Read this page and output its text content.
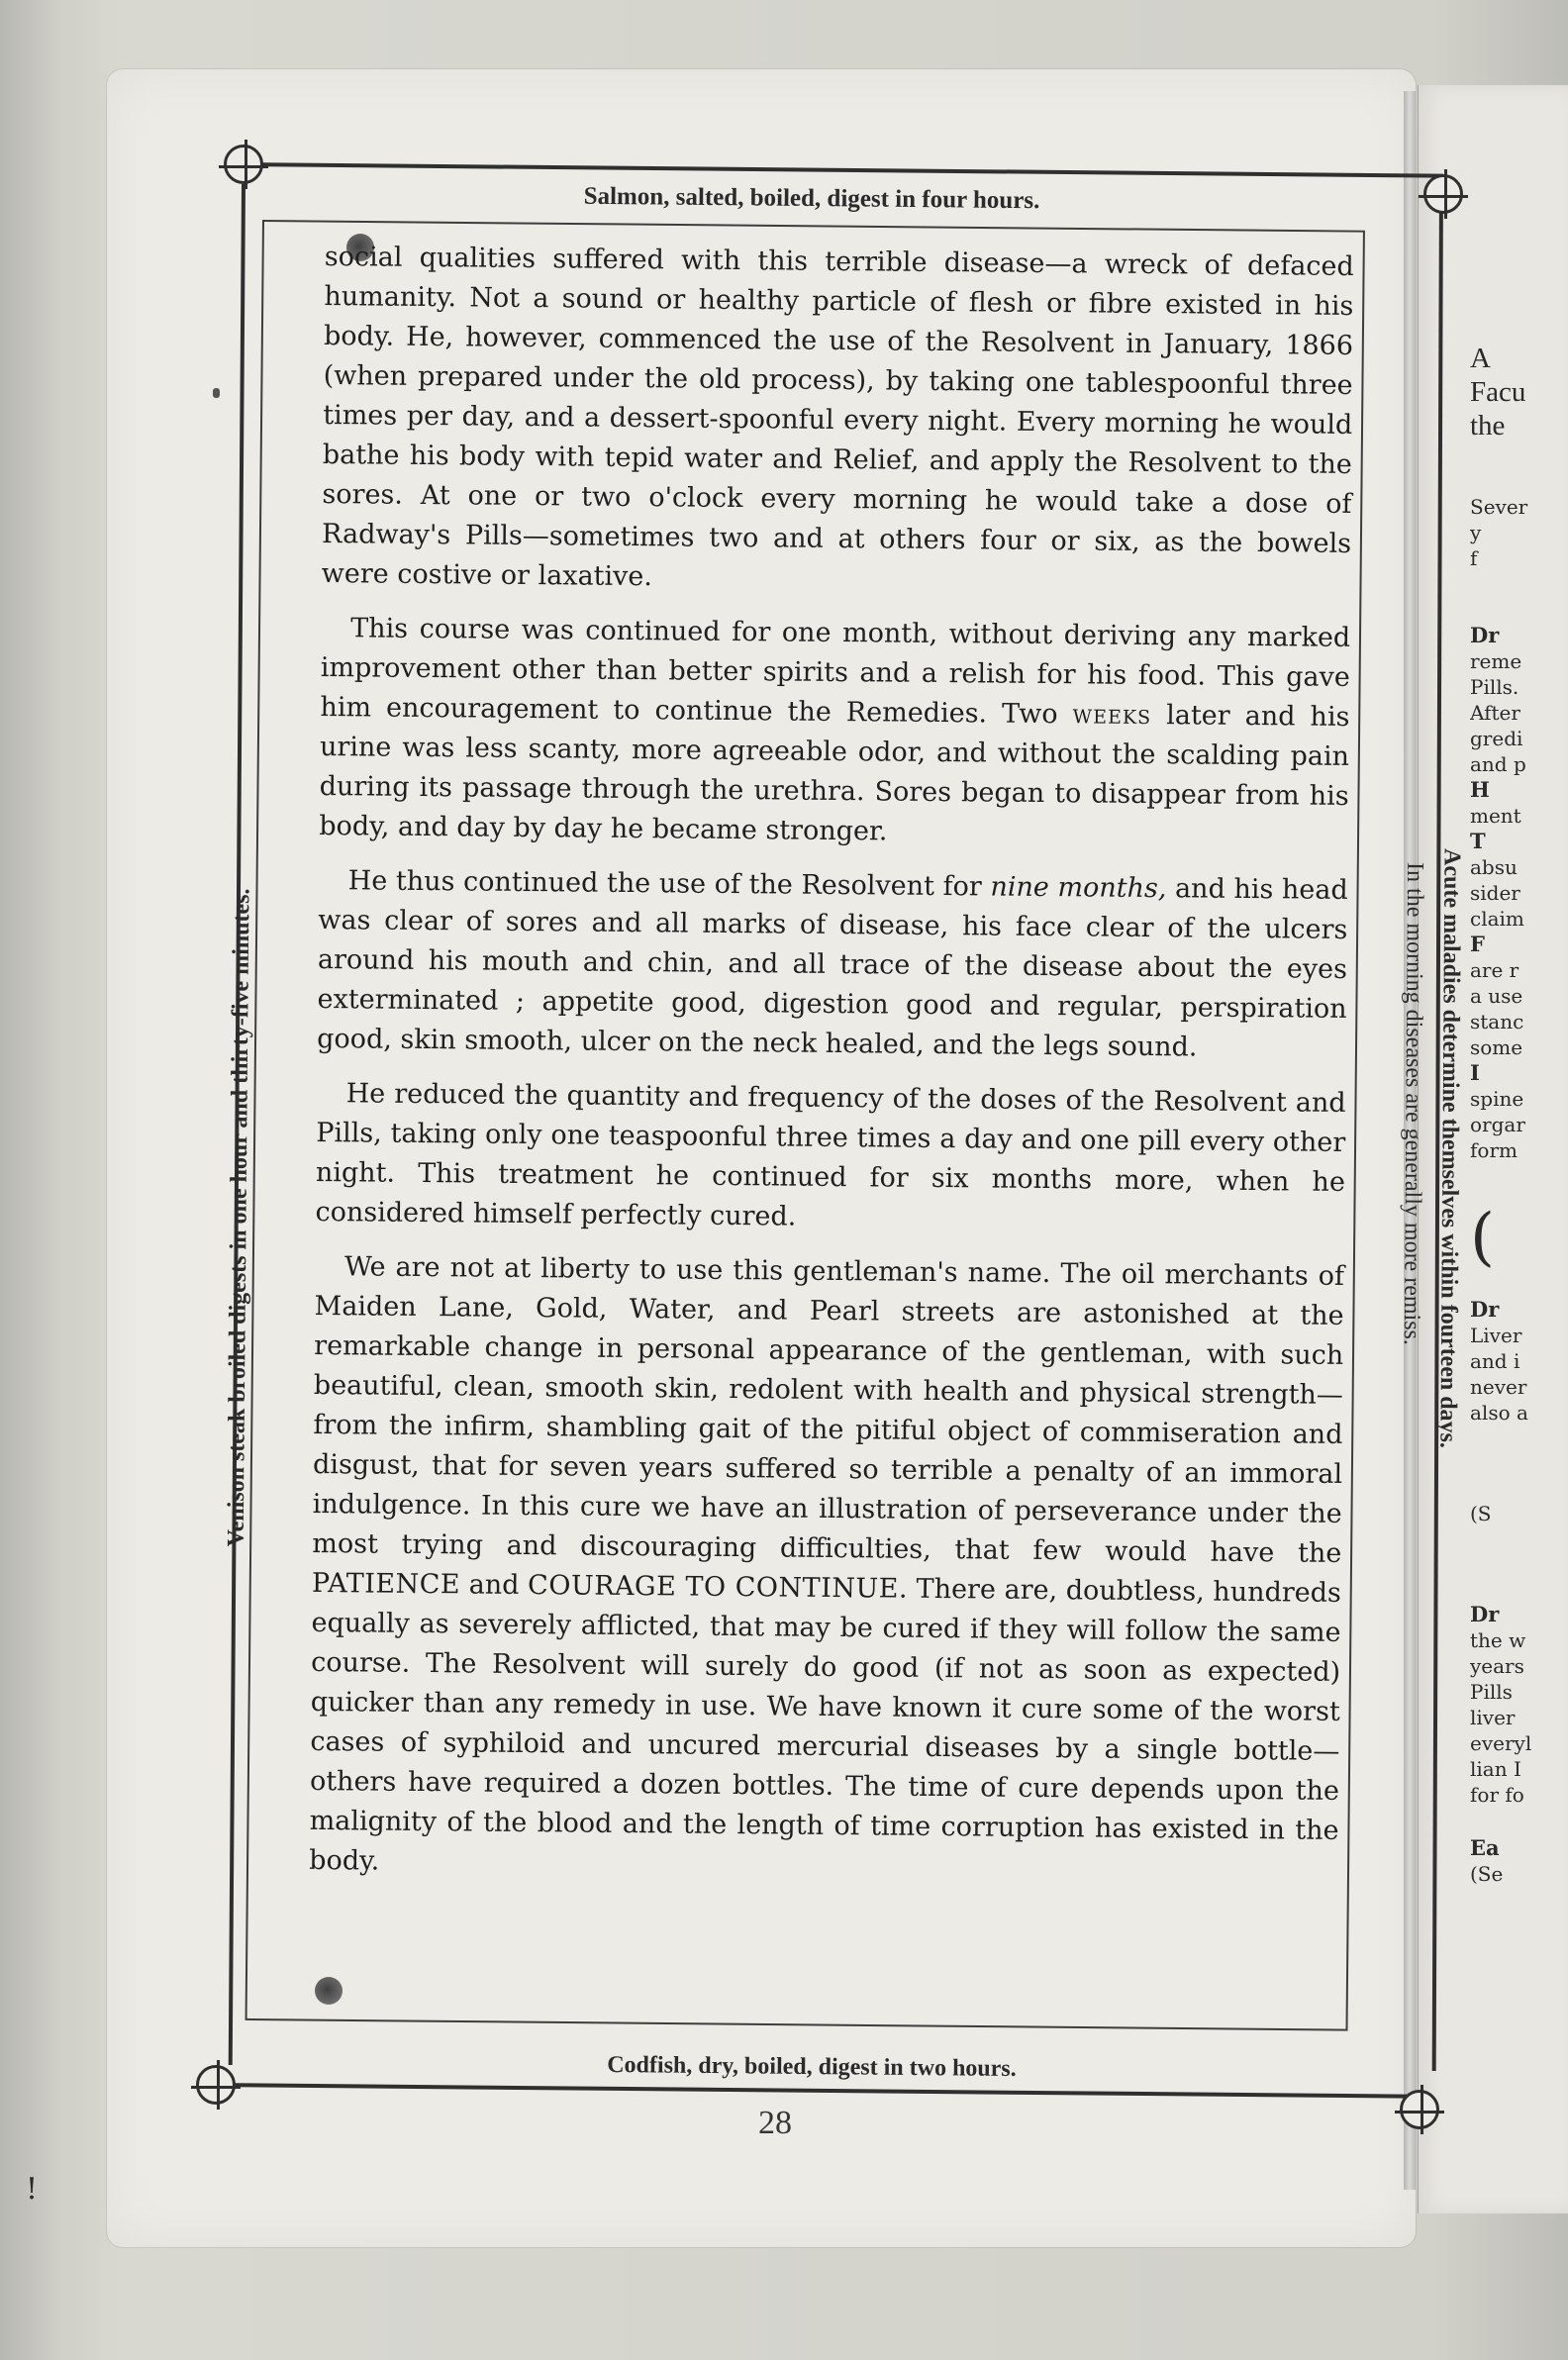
Salmon, salted, boiled, digest in four hours.

Venison steak broiled digests in one hour and thirty-five minutes.	Acute maladies determine themselves within fourteen days.

In the morning diseases are generally more remiss.

social qualities suffered with this terrible disease—a wreck of defaced humanity. Not a sound or healthy particle of flesh or fibre existed in his body. He, however, commenced the use of the Resolvent in January, 1866 (when prepared under the old process), by taking one tablespoonful three times per day, and a dessert-spoonful every night. Every morning he would bathe his body with tepid water and Relief, and apply the Resolvent to the sores. At one or two o'clock every morning he would take a dose of Radway's Pills—sometimes two and at others four or six, as the bowels were costive or laxative.

This course was continued for one month, without deriving any marked improvement other than better spirits and a relish for his food. This gave him encouragement to continue the Remedies. Two weeks later and his urine was less scanty, more agreeable odor, and without the scalding pain during its passage through the urethra. Sores began to disappear from his body, and day by day he became stronger.

He thus continued the use of the Resolvent for nine months, and his head was clear of sores and all marks of disease, his face clear of the ulcers around his mouth and chin, and all trace of the disease about the eyes exterminated ; appetite good, digestion good and regular, perspiration good, skin smooth, ulcer on the neck healed, and the legs sound.

He reduced the quantity and frequency of the doses of the Resolvent and Pills, taking only one teaspoonful three times a day and one pill every other night. This treatment he continued for six months more, when he considered himself perfectly cured.

We are not at liberty to use this gentleman's name. The oil merchants of Maiden Lane, Gold, Water, and Pearl streets are astonished at the remarkable change in personal appearance of the gentleman, with such beautiful, clean, smooth skin, redolent with health and physical strength—from the infirm, shambling gait of the pitiful object of commiseration and disgust, that for seven years suffered so terrible a penalty of an immoral indulgence. In this cure we have an illustration of perseverance under the most trying and discouraging difficulties, that few would have the PATIENCE and COURAGE TO CONTINUE. There are, doubtless, hundreds equally as severely afflicted, that may be cured if they will follow the same course. The Resolvent will surely do good (if not as soon as expected) quicker than any remedy in use. We have known it cure some of the worst cases of syphiloid and uncured mercurial diseases by a single bottle—others have required a dozen bottles. The time of cure depends upon the malignity of the blood and the length of time corruption has existed in the body.

Codfish, dry, boiled, digest in two hours.

28

A

Facu

the

Sever

y

f

Dr

reme

Pills.

After

gredi

and p

H

ment

T

absu

sider

claim

F

are r

a use

stanc

some

I

spine

orgar

form

(

Dr

Liver

and i

never

also a

(S

Dr

the w

years

Pills

liver

everyl

lian I

for fo

Ea

(Se

!
